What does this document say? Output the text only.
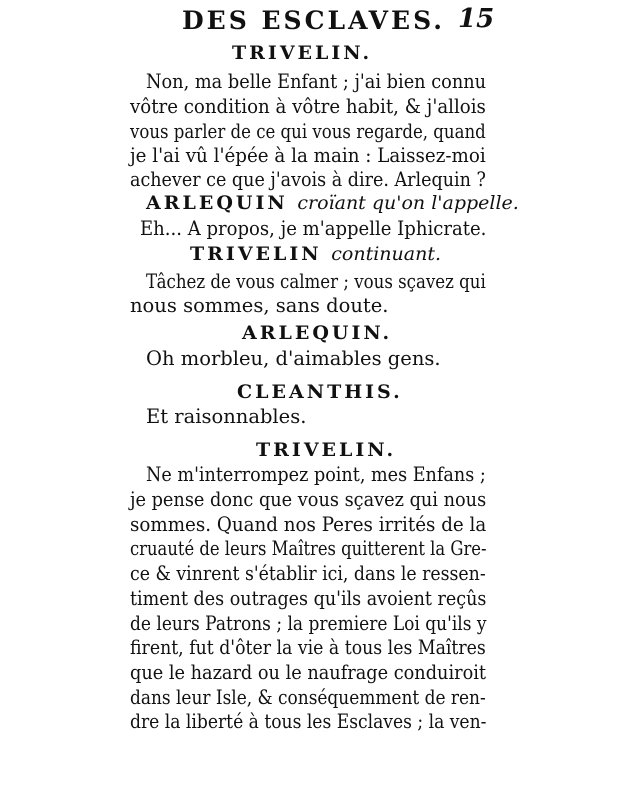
DES ESCLAVES. 15
TRIVELIN.
Non, ma belle Enfant ; j'ai bien connu
vôtre condition à vôtre habit, & j'allois
vous parler de ce qui vous regarde, quand
je l'ai vû l'épée à la main : Laissez-moi
achever ce que j'avois à dire. Arlequin ?
ARLEQUIN croïant qu'on l'appelle.
Eh... A propos, je m'appelle Iphicrate.
TRIVELIN continuant.
Tâchez de vous calmer ; vous sçavez qui
nous sommes, sans doute.
ARLEQUIN.
Oh morbleu, d'aimables gens.
CLEANTHIS.
Et raisonnables.
TRIVELIN.
Ne m'interrompez point, mes Enfans ;
je pense donc que vous sçavez qui nous
sommes. Quand nos Peres irrités de la
cruauté de leurs Maîtres quitterent la Gre-
ce & vinrent s'établir ici, dans le ressen-
timent des outrages qu'ils avoient reçûs
de leurs Patrons ; la premiere Loi qu'ils y
firent, fut d'ôter la vie à tous les Maîtres
que le hazard ou le naufrage conduiroit
dans leur Isle, & conséquemment de ren-
dre la liberté à tous les Esclaves ; la ven-
